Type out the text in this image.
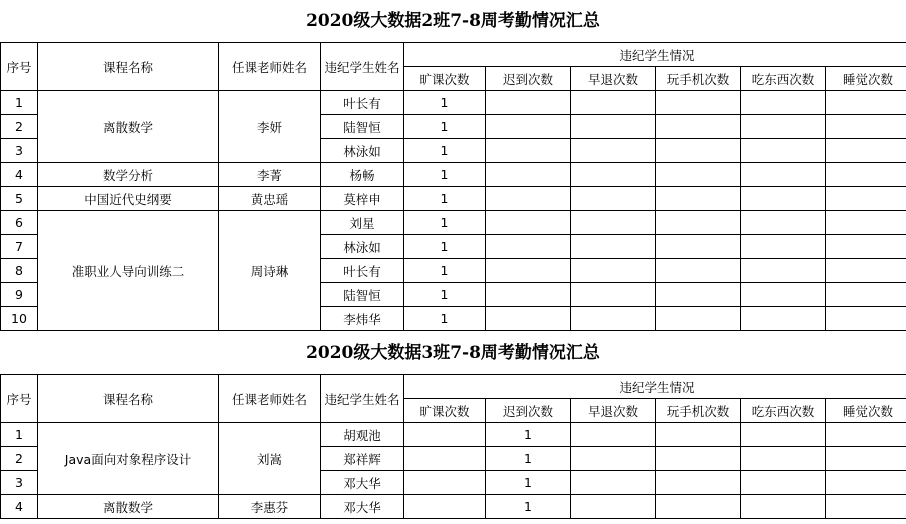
2020级大数据2班7-8周考勤情况汇总
序号	课程名称	任课老师姓名	违纪学生姓名	违纪学生情况					
				旷课次数	迟到次数	早退次数	玩手机次数	吃东西次数	睡觉次数
1	离散数学	李妍	叶长有	1					
2			陆智恒	1					
3			林泳如	1					
4	数学分析	李菁	杨畅	1					
5	中国近代史纲要	黄忠瑶	莫梓申	1					
6	准职业人导向训练二	周诗琳	刘星	1					
7			林泳如	1					
8			叶长有	1					
9			陆智恒	1					
10			李炜华	1					
2020级大数据3班7-8周考勤情况汇总
序号	课程名称	任课老师姓名	违纪学生姓名	违纪学生情况					
				旷课次数	迟到次数	早退次数	玩手机次数	吃东西次数	睡觉次数
1	Java面向对象程序设计	刘嵩	胡观池		1				
2			郑祥辉		1				
3			邓大华		1				
4	离散数学	李惠芬	邓大华		1				
